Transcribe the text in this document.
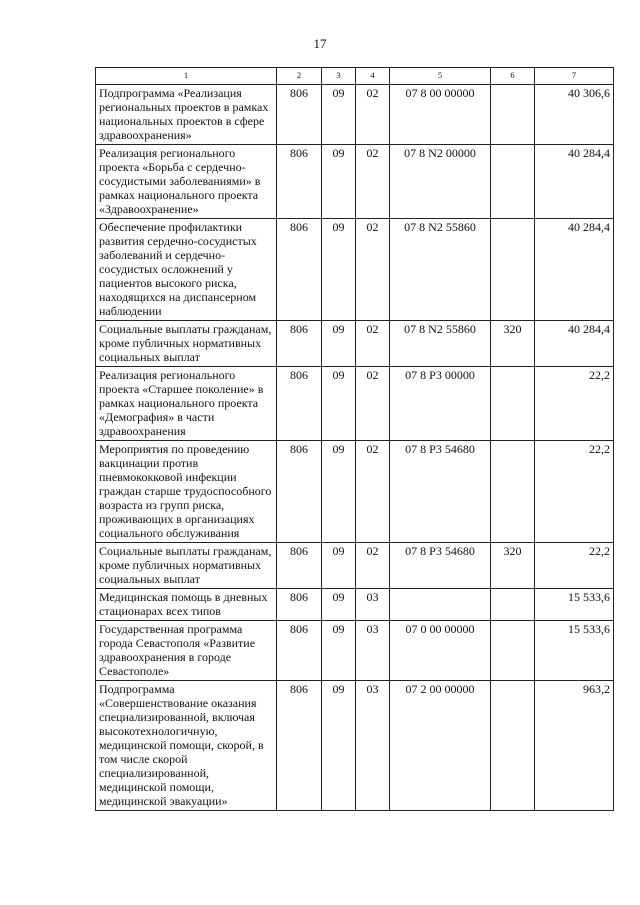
17
1	2	3	4	5	6	7
Подпрограмма «Реализация региональных проектов в рамках национальных проектов в сфере здравоохранения»	806	09	02	07 8 00 00000		40 306,6
Реализация регионального проекта «Борьба с сердечно-сосудистыми заболеваниями» в рамках национального проекта «Здравоохранение»	806	09	02	07 8 N2 00000		40 284,4
Обеспечение профилактики развития сердечно-сосудистых заболеваний и сердечно-сосудистых осложнений у пациентов высокого риска, находящихся на диспансерном наблюдении	806	09	02	07 8 N2 55860		40 284,4
Социальные выплаты гражданам, кроме публичных нормативных социальных выплат	806	09	02	07 8 N2 55860	320	40 284,4
Реализация регионального проекта «Старшее поколение» в рамках национального проекта «Демография» в части здравоохранения	806	09	02	07 8 P3 00000		22,2
Мероприятия по проведению вакцинации против пневмококковой инфекции граждан старше трудоспособного возраста из групп риска, проживающих в организациях социального обслуживания	806	09	02	07 8 P3 54680		22,2
Социальные выплаты гражданам, кроме публичных нормативных социальных выплат	806	09	02	07 8 P3 54680	320	22,2
Медицинская помощь в дневных стационарах всех типов	806	09	03			15 533,6
Государственная программа города Севастополя «Развитие здравоохранения в городе Севастополе»	806	09	03	07 0 00 00000		15 533,6
Подпрограмма «Совершенствование оказания специализированной, включая высокотехнологичную, медицинской помощи, скорой, в том числе скорой специализированной, медицинской помощи, медицинской эвакуации»	806	09	03	07 2 00 00000		963,2
